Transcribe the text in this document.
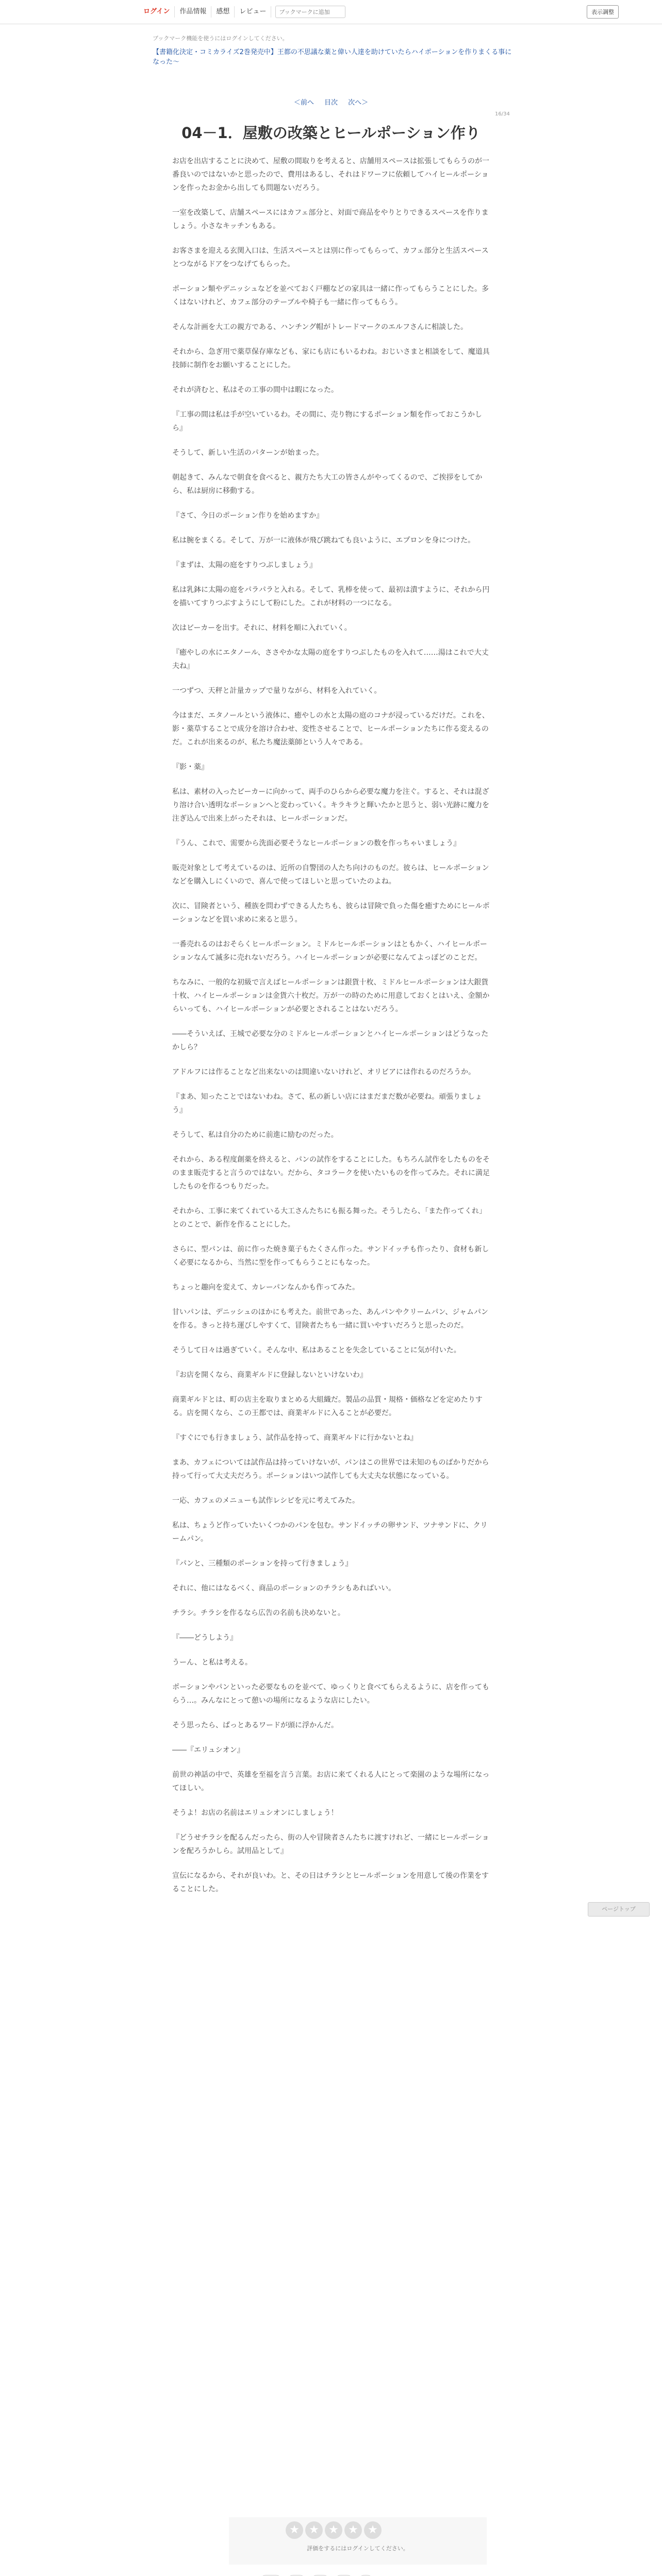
ログイン	作品情報	感想	レビュー
ブックマークに追加	表示調整
ブックマーク機能を使うにはログインしてください。
【書籍化決定・コミカライズ2巻発売中】王都の不思議な薬と偉い人達を助けていたらハイポーションを作りまくる事になった～
＜前へ 目次 次へ＞
16/34
04－1．屋敷の改築とヒールポーション作り

お店を出店することに決めて、屋敷の間取りを考えると、店舗用スペースは拡張してもらうのが一番良いのではないかと思ったので、費用はあるし、それはドワーフに依頼してハイヒールポーションを作ったお金から出しても問題ないだろう。

一室を改築して、店舗スペースにはカフェ部分と、対面で商品をやりとりできるスペースを作りましょう。小さなキッチンもある。

お客さまを迎える玄関入口は、生活スペースとは別に作ってもらって、カフェ部分と生活スペースとつながるドアをつなげてもらった。

ポーション類やデニッシュなどを並べておく戸棚などの家具は一緒に作ってもらうことにした。多くはないけれど、カフェ部分のテーブルや椅子も一緒に作ってもらう。

そんな計画を大工の親方である、ハンチング帽がトレードマークのエルフさんに相談した。

それから、急ぎ用で薬草保存庫なども、家にも店にもいるわね。おじいさまと相談をして、魔道具技師に制作をお願いすることにした。

それが済むと、私はその工事の間中は暇になった。

『工事の間は私は手が空いているわ。その間に、売り物にするポーション類を作っておこうかしら』

そうして、新しい生活のパターンが始まった。

朝起きて、みんなで朝食を食べると、親方たち大工の皆さんがやってくるので、ご挨拶をしてから、私は厨房に移動する。

『さて、今日のポーション作りを始めますか』

私は腕をまくる。そして、万が一に液体が飛び跳ねても良いように、エプロンを身につけた。

『まずは、太陽の庭をすりつぶしましょう』

私は乳鉢に太陽の庭をパラパラと入れる。そして、乳棒を使って、最初は潰すように、それから円を描いてすりつぶすようにして粉にした。これが材料の一つになる。

次はビーカーを出す。それに、材料を順に入れていく。

『癒やしの水にエタノール、ささやかな太陽の庭をすりつぶしたものを入れて……湯はこれで大丈夫ね』

一つずつ、天秤と計量カップで量りながら、材料を入れていく。

今はまだ、エタノールという液体に、癒やしの水と太陽の庭のコナが浸っているだけだ。これを、影・薬草することで成分を溶け合わせ、変性させることで、ヒールポーションたちに作る変えるのだ。これが出来るのが、私たち魔法薬師という人々である。

『影・薬』

私は、素材の入ったビーカーに向かって、両手のひらから必要な魔力を注ぐ。すると、それは混ざり溶け合い透明なポーションへと変わっていく。キラキラと輝いたかと思うと、弱い光跡に魔力を注ぎ込んで出来上がったそれは、ヒールポーションだ。

『うん、これで、需要から洗面必要そうなヒールポーションの数を作っちゃいましょう』

販売対象として考えているのは、近所の自警団の人たち向けのものだ。彼らは、ヒールポーションなどを購入しにくいので、喜んで使ってほしいと思っていたのよね。

次に、冒険者という、種族を問わずできる人たちも、彼らは冒険で負った傷を癒すためにヒールポーションなどを買い求めに来ると思う。

一番売れるのはおそらくヒールポーション。ミドルヒールポーションはともかく、ハイヒールポーションなんて滅多に売れないだろう。ハイヒールポーションが必要になんてよっぽどのことだ。

ちなみに、一般的な初級で言えばヒールポーションは銀貨十枚、ミドルヒールポーションは大銀貨十枚、ハイヒールポーションは金貨六十枚だ。万が一の時のために用意しておくとはいえ、金額からいっても、ハイヒールポーションが必要とされることはないだろう。

――そういえば、王城で必要な分のミドルヒールポーションとハイヒールポーションはどうなったかしら？

アドルフには作ることなど出来ないのは間違いないけれど、オリビアには作れるのだろうか。

『まあ、知ったことではないわね。さて、私の新しい店にはまだまだ数が必要ね。頑張りましょう』

そうして、私は自分のために前進に励むのだった。

それから、ある程度創薬を終えると、パンの試作をすることにした。もちろん試作をしたものをそのまま販売すると言うのではない。だから、タコラークを使いたいものを作ってみた。それに満足したものを作るつもりだった。

それから、工事に来てくれている大工さんたちにも振る舞った。そうしたら、「また作ってくれ」とのことで、新作を作ることにした。

さらに、型パンは、前に作った焼き菓子もたくさん作った。サンドイッチも作ったり、食材も新しく必要になるから、当然に型を作ってもらうことにもなった。

ちょっと趣向を変えて、カレーパンなんかも作ってみた。

甘いパンは、デニッシュのほかにも考えた。前世であった、あんパンやクリームパン、ジャムパンを作る。きっと持ち運びしやすくて、冒険者たちも一緒に買いやすいだろうと思ったのだ。

そうして日々は過ぎていく。そんな中、私はあることを失念していることに気が付いた。

『お店を開くなら、商業ギルドに登録しないといけないわ』

商業ギルドとは、町の店主を取りまとめる大組織だ。製品の品質・規格・価格などを定めたりする。店を開くなら、この王都では、商業ギルドに入ることが必要だ。

『すぐにでも行きましょう、試作品を持って、商業ギルドに行かないとね』

まあ、カフェについては試作品は持っていけないが、パンはこの世界では未知のものばかりだから持って行って大丈夫だろう。ポーションはいつ試作しても大丈夫な状態になっている。

一応、カフェのメニューも試作レシピを元に考えてみた。

私は、ちょうど作っていたいくつかのパンを包む。サンドイッチの卵サンド、ツナサンドに、クリームパン。

『パンと、三種類のポーションを持って行きましょう』

それに、他にはなるべく、商品のポーションのチラシもあればいい。

チラシ。チラシを作るなら広告の名前も決めないと。

『――どうしよう』

うーん、と私は考える。

ポーションやパンといった必要なものを並べて、ゆっくりと食べてもらえるように、店を作ってもらう…。みんなにとって憩いの場所になるような店にしたい。

そう思ったら、ぱっとあるワードが頭に浮かんだ。

――『エリュシオン』

前世の神話の中で、英雄を至福を言う言葉。お店に来てくれる人にとって楽園のような場所になってほしい。

そうよ！お店の名前はエリュシオンにしましょう！

『どうせチラシを配るんだったら、街の人や冒険者さんたちに渡すけれど、一緒にヒールポーションを配ろうかしら。試用品として』

宣伝になるから、それが良いわ。と、その日はチラシとヒールポーションを用意して後の作業をすることにした。

ページトップ
★ ★ ★ ★ ★
評価をするにはログインしてください。
